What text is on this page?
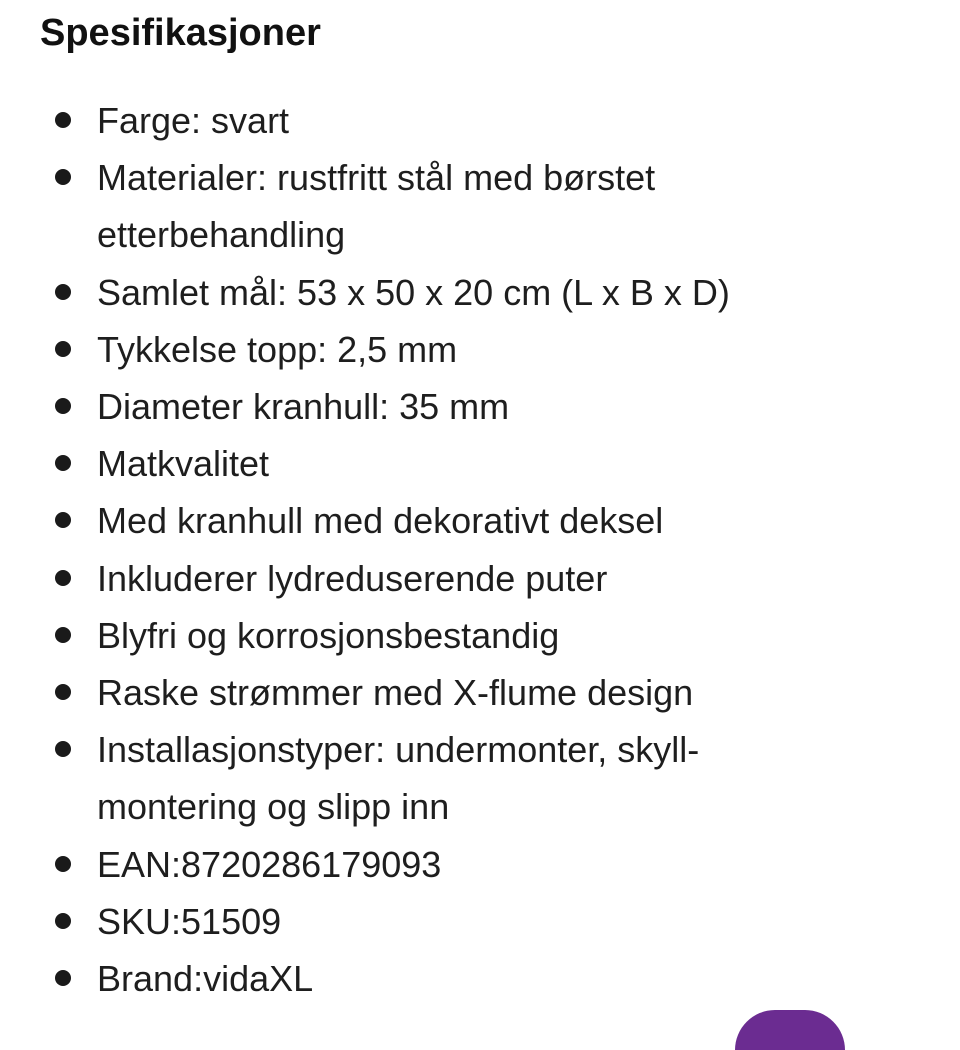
Spesifikasjoner
Farge: svart
Materialer: rustfritt stål med børstet etterbehandling
Samlet mål: 53 x 50 x 20 cm (L x B x D)
Tykkelse topp: 2,5 mm
Diameter kranhull: 35 mm
Matkvalitet
Med kranhull med dekorativt deksel
Inkluderer lydreduserende puter
Blyfri og korrosjonsbestandig
Raske strømmer med X-flume design
Installasjonstyper: undermonter, skyll-montering og slipp inn
EAN:8720286179093
SKU:51509
Brand:vidaXL
